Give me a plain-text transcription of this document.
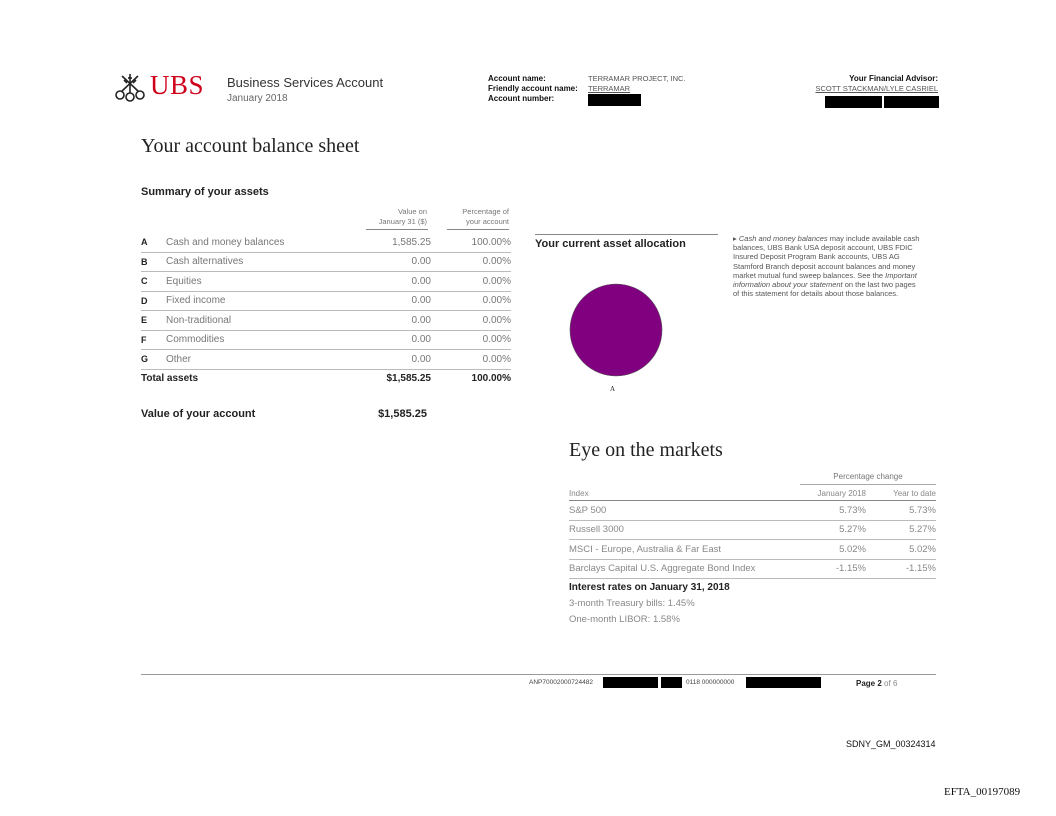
UBS Business Services Account
January 2018
Account name:	TERRAMAR PROJECT, INC.
Friendly account name: TERRAMAR
Account number:
Your Financial Advisor:
SCOTT STACKMAN/LYLE CASRIEL
Your account balance sheet
Summary of your assets
Value on
January 31 ($)
Percentage of
your account
A	Cash and money balances	1,585.25	100.00%
B	Cash alternatives	0.00	0.00%
C	Equities	0.00	0.00%
D	Fixed income	0.00	0.00%
E	Non-traditional	0.00	0.00%
F	Commodities	0.00	0.00%
G	Other	0.00	0.00%
Total assets		$1,585.25	100.00%
Value of your account	$1,585.25
Your current asset allocation
A
▸ Cash and money balances may include available cash balances, UBS Bank USA deposit account, UBS FDIC Insured Deposit Program Bank accounts, UBS AG Stamford Branch deposit account balances and money market mutual fund sweep balances. See the Important information about your statement on the last two pages of this statement for details about those balances.
Eye on the markets
Percentage change
Index	January 2018	Year to date
S&P 500	5.73%	5.73%
Russell 3000	5.27%	5.27%
MSCI - Europe, Australia & Far East	5.02%	5.02%
Barclays Capital U.S. Aggregate Bond Index	-1.15%	-1.15%
Interest rates on January 31, 2018
3-month Treasury bills: 1.45%
One-month LIBOR: 1.58%
ANP70002000724482	0118 000000000	Page 2 of 6
SDNY_GM_00324314
EFTA_00197089
